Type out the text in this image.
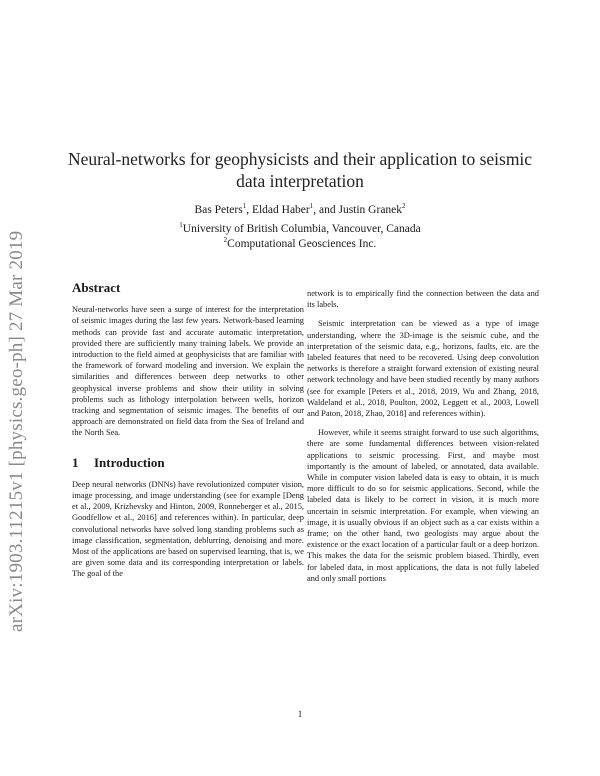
arXiv:1903.11215v1 [physics.geo-ph] 27 Mar 2019
Neural-networks for geophysicists and their application to seismic
data interpretation
Bas Peters$^1$, Eldad Haber$^1$, and Justin Granek$^2$
$^1$University of British Columbia, Vancouver, Canada
$^2$Computational Geosciences Inc.
Abstract

Neural-networks have seen a surge of interest for the interpretation of seismic images during the last few years. Network-based learning methods can provide fast and accurate automatic interpretation, provided there are sufficiently many training labels. We provide an introduction to the field aimed at geophysicists that are familiar with the framework of forward modeling and inversion. We explain the similarities and differences between deep networks to other geophysical inverse problems and show their utility in solving problems such as lithology interpolation between wells, horizon tracking and segmentation of seismic images. The benefits of our approach are demonstrated on field data from the Sea of Ireland and the North Sea.

1 Introduction

Deep neural networks (DNNs) have revolutionized computer vision, image processing, and image understanding (see for example [Deng et al., 2009, Krizhevsky and Hinton, 2009, Ronneberger et al., 2015, Goodfellow et al., 2016] and references within). In particular, deep convolutional networks have solved long standing problems such as image classification, segmentation, deblurring, denoising and more. Most of the applications are based on supervised learning, that is, we are given some data and its corresponding interpretation or labels. The goal of the

network is to empirically find the connection between the data and its labels.

Seismic interpretation can be viewed as a type of image understanding, where the 3D-image is the seismic cube, and the interpretation of the seismic data, e.g., horizons, faults, etc. are the labeled features that need to be recovered. Using deep convolution networks is therefore a straight forward extension of existing neural network technology and have been studied recently by many authors (see for example [Peters et al., 2018, 2019, Wu and Zhang, 2018, Waldeland et al., 2018, Poulton, 2002, Leggett et al., 2003, Lowell and Paton, 2018, Zhao, 2018] and references within).

However, while it seems straight forward to use such algorithms, there are some fundamental differences between vision-related applications to seismic processing. First, and maybe most importantly is the amount of labeled, or annotated, data available. While in computer vision labeled data is easy to obtain, it is much more difficult to do so for seismic applications. Second, while the labeled data is likely to be correct in vision, it is much more uncertain in seismic interpretation. For example, when viewing an image, it is usually obvious if an object such as a car exists within a frame; on the other hand, two geologists may argue about the existence or the exact location of a particular fault or a deep horizon. This makes the data for the seismic problem biased. Thirdly, even for labeled data, in most applications, the data is not fully labeled and only small portions

1
